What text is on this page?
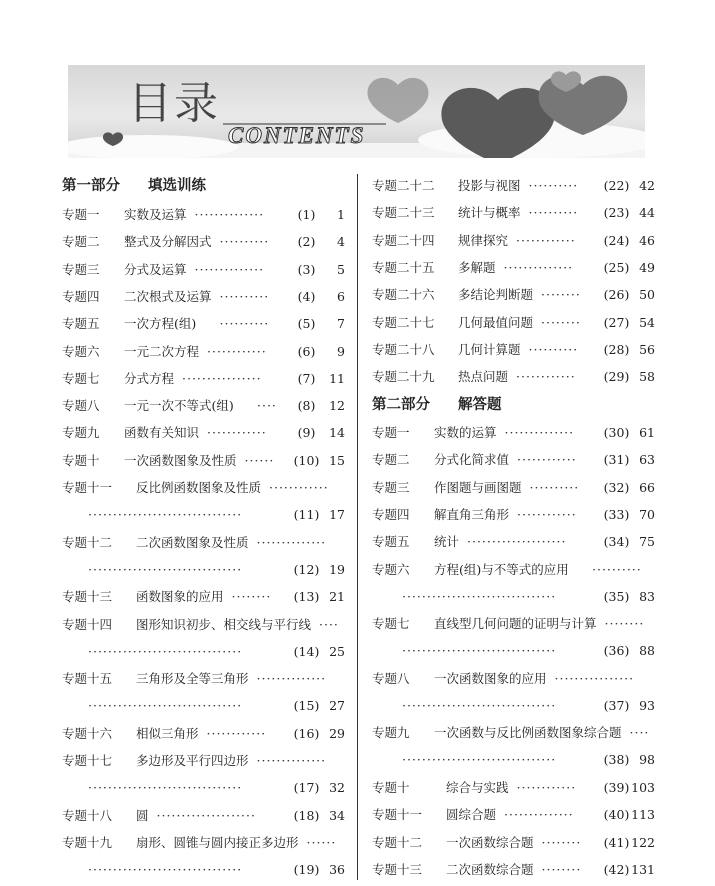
目录
CONTENTS
第一部分 填选训练
专题一 实数及运算 ··············	(1)	1
专题二 整式及分解因式 ··········	(2)	4
专题三 分式及运算 ··············	(3)	5
专题四 二次根式及运算 ··········	(4)	6
专题五 一次方程(组) ··········	(5)	7
专题六 一元二次方程 ············	(6)	9
专题七 分式方程 ················	(7)	11
专题八 一元一次不等式(组) ····	(8)	12
专题九 函数有关知识 ············	(9)	14
专题十 一次函数图象及性质 ······	(10) 15
专题十一 反比例函数图象及性质 ············
·······························	(11) 17
专题十二 二次函数图象及性质 ··············
·······························	(12) 19
专题十三 函数图象的应用 ········	(13) 21
专题十四 图形知识初步、相交线与平行线 ····
·······························	(14) 25
专题十五 三角形及全等三角形 ··············
·······························	(15) 27
专题十六 相似三角形 ············	(16) 29
专题十七 多边形及平行四边形 ··············
·······························	(17) 32
专题十八 圆 ····················	(18) 34
专题十九 扇形、圆锥与圆内接正多边形 ······
·······························	(19) 36
第二部分 解答题
专题二十二 投影与视图 ··········	(22) 42
专题二十三 统计与概率 ··········	(23) 44
专题二十四 规律探究 ············	(24) 46
专题二十五 多解题 ··············	(25) 49
专题二十六 多结论判断题 ········	(26) 50
专题二十七 几何最值问题 ········	(27) 54
专题二十八 几何计算题 ··········	(28) 56
专题二十九 热点问题 ············	(29) 58
专题一 实数的运算 ··············	(30) 61
专题二 分式化简求值 ············	(31) 63
专题三 作图题与画图题 ··········	(32) 66
专题四 解直角三角形 ············	(33) 70
专题五 统计 ····················	(34) 75
专题六 方程(组)与不等式的应用 ··········
·······························	(35) 83
专题七 直线型几何问题的证明与计算 ········
·······························	(36) 88
专题八 一次函数图象的应用 ················
·······························	(37) 93
专题九 一次函数与反比例函数图象综合题 ····
·······························	(38) 98
专题十	综合与实践 ············	(39) 103
专题十一 圆综合题 ··············	(40) 113
专题十二 一次函数综合题 ········	(41) 122
专题十三 二次函数综合题 ········	(42) 131
